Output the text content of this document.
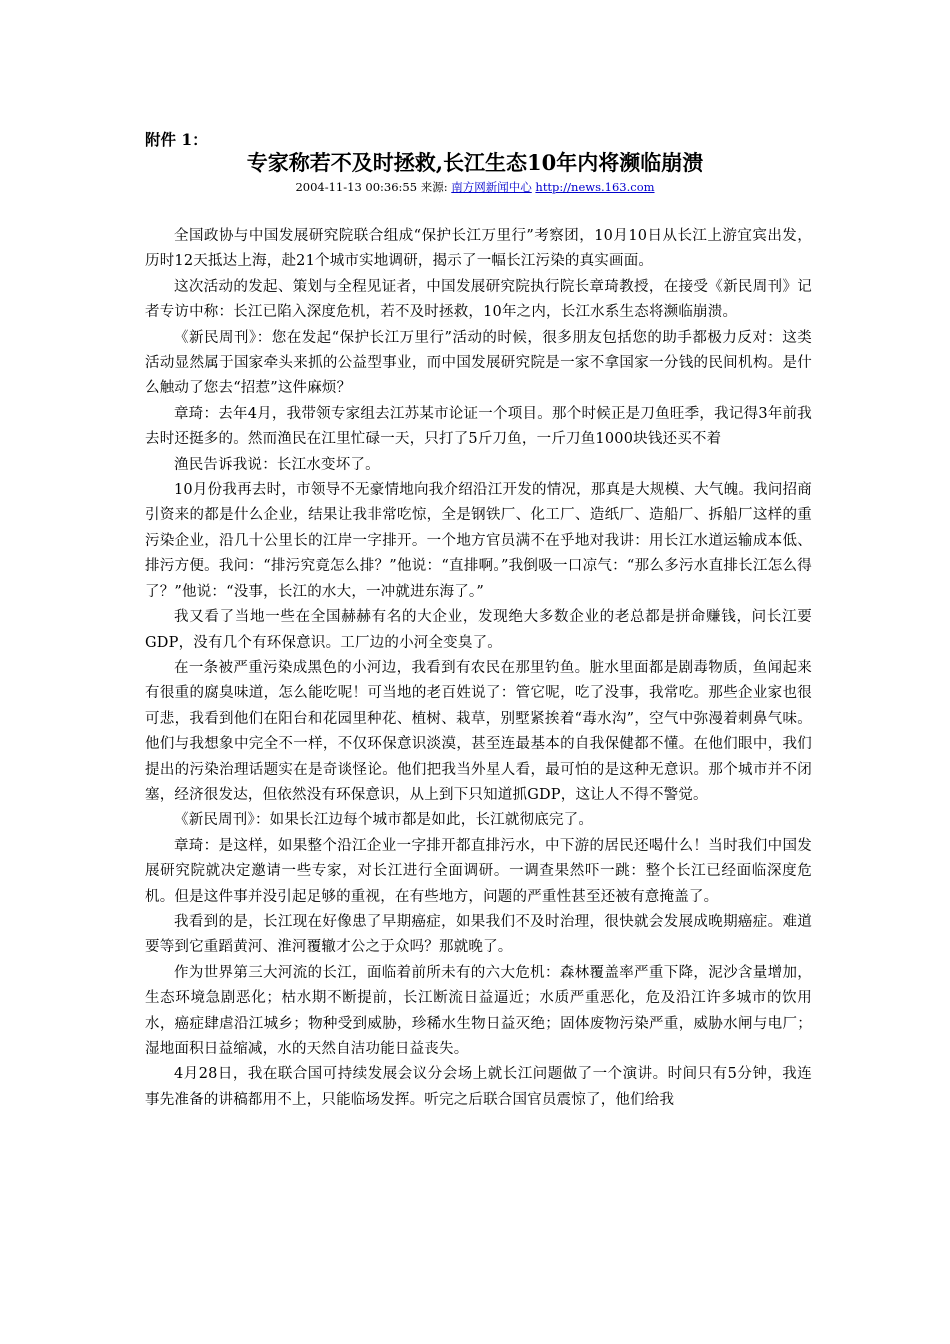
附件 1：
专家称若不及时拯救,长江生态10年内将濒临崩溃
2004-11-13 00:36:55 来源: 南方网新闻中心 http://news.163.com

全国政协与中国发展研究院联合组成“保护长江万里行”考察团，10月10日从长江上游宜宾出发，历时12天抵达上海，赴21个城市实地调研，揭示了一幅长江污染的真实画面。

这次活动的发起、策划与全程见证者，中国发展研究院执行院长章琦教授，在接受《新民周刊》记者专访中称：长江已陷入深度危机，若不及时拯救，10年之内，长江水系生态将濒临崩溃。

《新民周刊》：您在发起“保护长江万里行”活动的时候，很多朋友包括您的助手都极力反对：这类活动显然属于国家牵头来抓的公益型事业，而中国发展研究院是一家不拿国家一分钱的民间机构。是什么触动了您去“招惹”这件麻烦？

章琦：去年4月，我带领专家组去江苏某市论证一个项目。那个时候正是刀鱼旺季，我记得3年前我去时还挺多的。然而渔民在江里忙碌一天，只打了5斤刀鱼，一斤刀鱼1000块钱还买不着

渔民告诉我说：长江水变坏了。

10月份我再去时，市领导不无豪情地向我介绍沿江开发的情况，那真是大规模、大气魄。我问招商引资来的都是什么企业，结果让我非常吃惊，全是钢铁厂、化工厂、造纸厂、造船厂、拆船厂这样的重污染企业，沿几十公里长的江岸一字排开。一个地方官员满不在乎地对我讲：用长江水道运输成本低、排污方便。我问：“排污究竟怎么排？”他说：“直排啊。”我倒吸一口凉气：“那么多污水直排长江怎么得了？”他说：“没事，长江的水大，一冲就进东海了。”

我又看了当地一些在全国赫赫有名的大企业，发现绝大多数企业的老总都是拼命赚钱，问长江要GDP，没有几个有环保意识。工厂边的小河全变臭了。

在一条被严重污染成黑色的小河边，我看到有农民在那里钓鱼。脏水里面都是剧毒物质，鱼闻起来有很重的腐臭味道，怎么能吃呢！可当地的老百姓说了：管它呢，吃了没事，我常吃。那些企业家也很可悲，我看到他们在阳台和花园里种花、植树、栽草，别墅紧挨着“毒水沟”，空气中弥漫着刺鼻气味。他们与我想象中完全不一样，不仅环保意识淡漠，甚至连最基本的自我保健都不懂。在他们眼中，我们提出的污染治理话题实在是奇谈怪论。他们把我当外星人看，最可怕的是这种无意识。那个城市并不闭塞，经济很发达，但依然没有环保意识，从上到下只知道抓GDP，这让人不得不警觉。

《新民周刊》：如果长江边每个城市都是如此，长江就彻底完了。

章琦：是这样，如果整个沿江企业一字排开都直排污水，中下游的居民还喝什么！当时我们中国发展研究院就决定邀请一些专家，对长江进行全面调研。一调查果然吓一跳：整个长江已经面临深度危机。但是这件事并没引起足够的重视，在有些地方，问题的严重性甚至还被有意掩盖了。

我看到的是，长江现在好像患了早期癌症，如果我们不及时治理，很快就会发展成晚期癌症。难道要等到它重蹈黄河、淮河覆辙才公之于众吗？那就晚了。

作为世界第三大河流的长江，面临着前所未有的六大危机：森林覆盖率严重下降，泥沙含量增加，生态环境急剧恶化；枯水期不断提前，长江断流日益逼近；水质严重恶化，危及沿江许多城市的饮用水，癌症肆虐沿江城乡；物种受到威胁，珍稀水生物日益灭绝；固体废物污染严重，威胁水闸与电厂；湿地面积日益缩减，水的天然自洁功能日益丧失。

4月28日，我在联合国可持续发展会议分会场上就长江问题做了一个演讲。时间只有5分钟，我连事先准备的讲稿都用不上，只能临场发挥。听完之后联合国官员震惊了，他们给我
